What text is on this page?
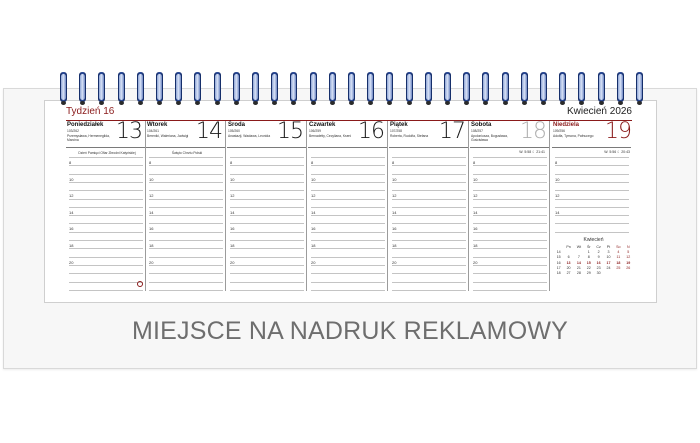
Tydzień 16	Kwiecień 2026
Poniedziałek
103/262
Przemysława, Hermenegilda, Marcina	13
Dzień Pamięci Ofiar Zbrodni Katyńskiej
8
10
12
14
16
18
20
Wtorek
104/261
Bereniki, Waleriana, Jadwigi 14
Święto Chrztu Polski
8
10
12
14
16
18
20
Środa
105/260
Anastazji, Wacława, Leonida 15
8
10
12
14
16
18
20
Czwartek
106/259
Bernadetty, Cecyliana, Kseni 16
8
10
12
14
16
18
20
Piątek
107/258
Roberta, Rudolfa, Stefana 17
8
10
12
14
16
18
20
Sobota
108/257
Apoloniusza, Bogusława, Gościsława	18
W. 5:58 ☾ 21:41
8
10
12
14
16
18
20
Niedziela
109/256
Adolfa, Tymona, Pafnucego 19
W. 5:56 ☾ 20:43
8
10
12
14
Kwiecień
	Pn	Wt	Śr	Cz	Pt	So	N
14			1	2	3	4	5
15	6	7	8	9	10	11	12
16	13	14	15	16	17	18	19
17	20	21	22	23	24	25	26
18	27	28	29	30			
MIEJSCE NA NADRUK REKLAMOWY
